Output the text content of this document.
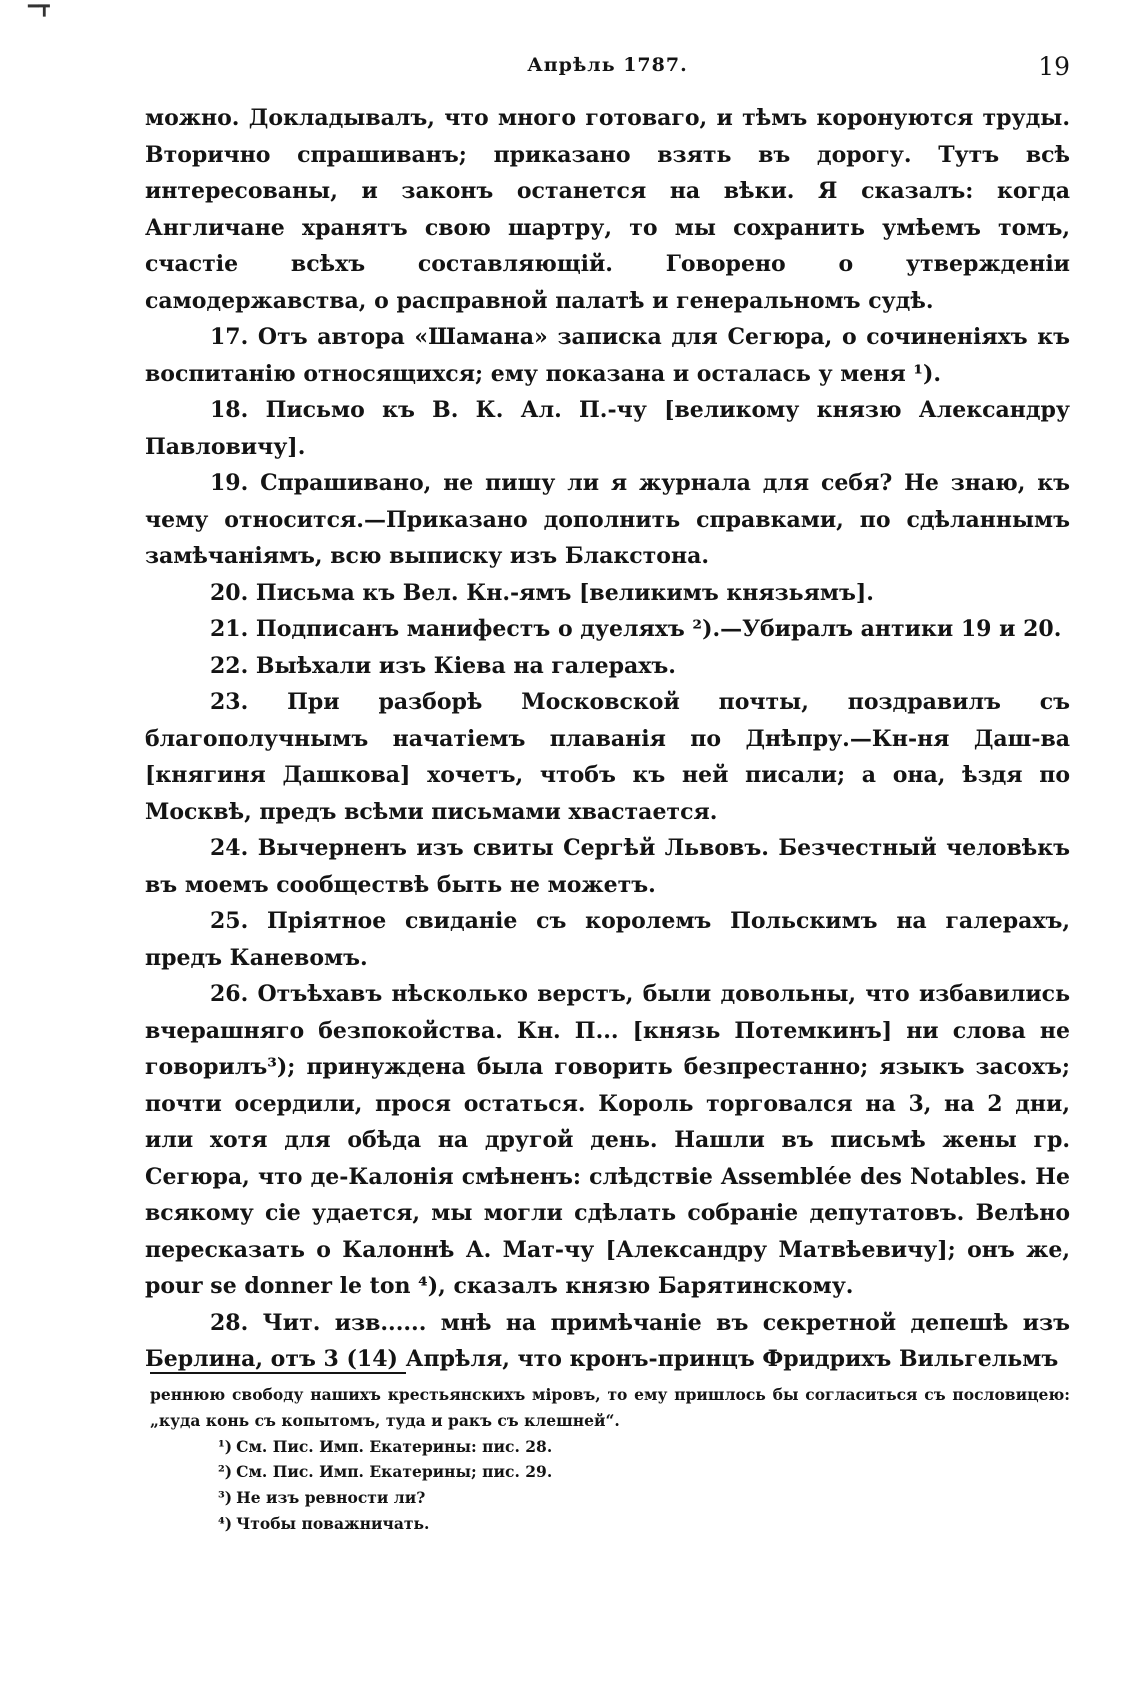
━┳
Апрѣль 1787.	19

можно. Докладывалъ, что много готоваго, и тѣмъ коронуются труды. Вторично спрашиванъ; приказано взять въ дорогу. Тутъ всѣ интересованы, и законъ останется на вѣки. Я сказалъ: когда Англичане хранятъ свою шартру, то мы сохранить умѣемъ томъ, счастіе всѣхъ составляющій. Говорено о утвержденіи самодержавства, о расправной палатѣ и генеральномъ судѣ.

17. Отъ автора «Шамана» записка для Сегюра, о сочиненіяхъ къ воспитанію относящихся; ему показана и осталась у меня ¹).

18. Письмо къ В. К. Ал. П.-чу [великому князю Александру Павловичу].

19. Спрашивано, не пишу ли я журнала для себя? Не знаю, къ чему относится.—Приказано дополнить справками, по сдѣланнымъ замѣчаніямъ, всю выписку изъ Блакстона.

20. Письма къ Вел. Кн.-ямъ [великимъ князьямъ].

21. Подписанъ манифестъ о дуеляхъ ²).—Убиралъ антики 19 и 20.

22. Выѣхали изъ Кіева на галерахъ.

23. При разборѣ Московской почты, поздравилъ съ благополучнымъ начатіемъ плаванія по Днѣпру.—Кн-ня Даш-ва [княгиня Дашкова] хочетъ, чтобъ къ ней писали; а она, ѣздя по Москвѣ, предъ всѣми письмами хвастается.

24. Вычерненъ изъ свиты Сергѣй Львовъ. Безчестный человѣкъ въ моемъ сообществѣ быть не можетъ.

25. Пріятное свиданіе съ королемъ Польскимъ на галерахъ, предъ Каневомъ.

26. Отъѣхавъ нѣсколько верстъ, были довольны, что избавились вчерашняго безпокойства. Кн. П... [князь Потемкинъ] ни слова не говорилъ³); принуждена была говорить безпрестанно; языкъ засохъ; почти осердили, прося остаться. Король торговался на 3, на 2 дни, или хотя для обѣда на другой день. Нашли въ письмѣ жены гр. Сегюра, что де-Калонія смѣненъ: слѣдствіе Assemblée des Notables. Не всякому сіе удается, мы могли сдѣлать собраніе депутатовъ. Велѣно пересказать о Калоннѣ А. Мат-чу [Александру Матвѣевичу]; онъ же, pour se donner le ton ⁴), сказалъ князю Барятинскому.

28. Чит. изв...... мнѣ на примѣчаніе въ секретной депешѣ изъ Берлина, отъ 3 (14) Апрѣля, что кронъ-принцъ Фридрихъ Вильгельмъ

реннюю свободу нашихъ крестьянскихъ міровъ, то ему пришлось бы согласиться съ пословицею: „куда конь съ копытомъ, туда и ракъ съ клешней“.

¹) См. Пис. Имп. Екатерины: пис. 28.

²) См. Пис. Имп. Екатерины; пис. 29.

³) Не изъ ревности ли?

⁴) Чтобы поважничать.
